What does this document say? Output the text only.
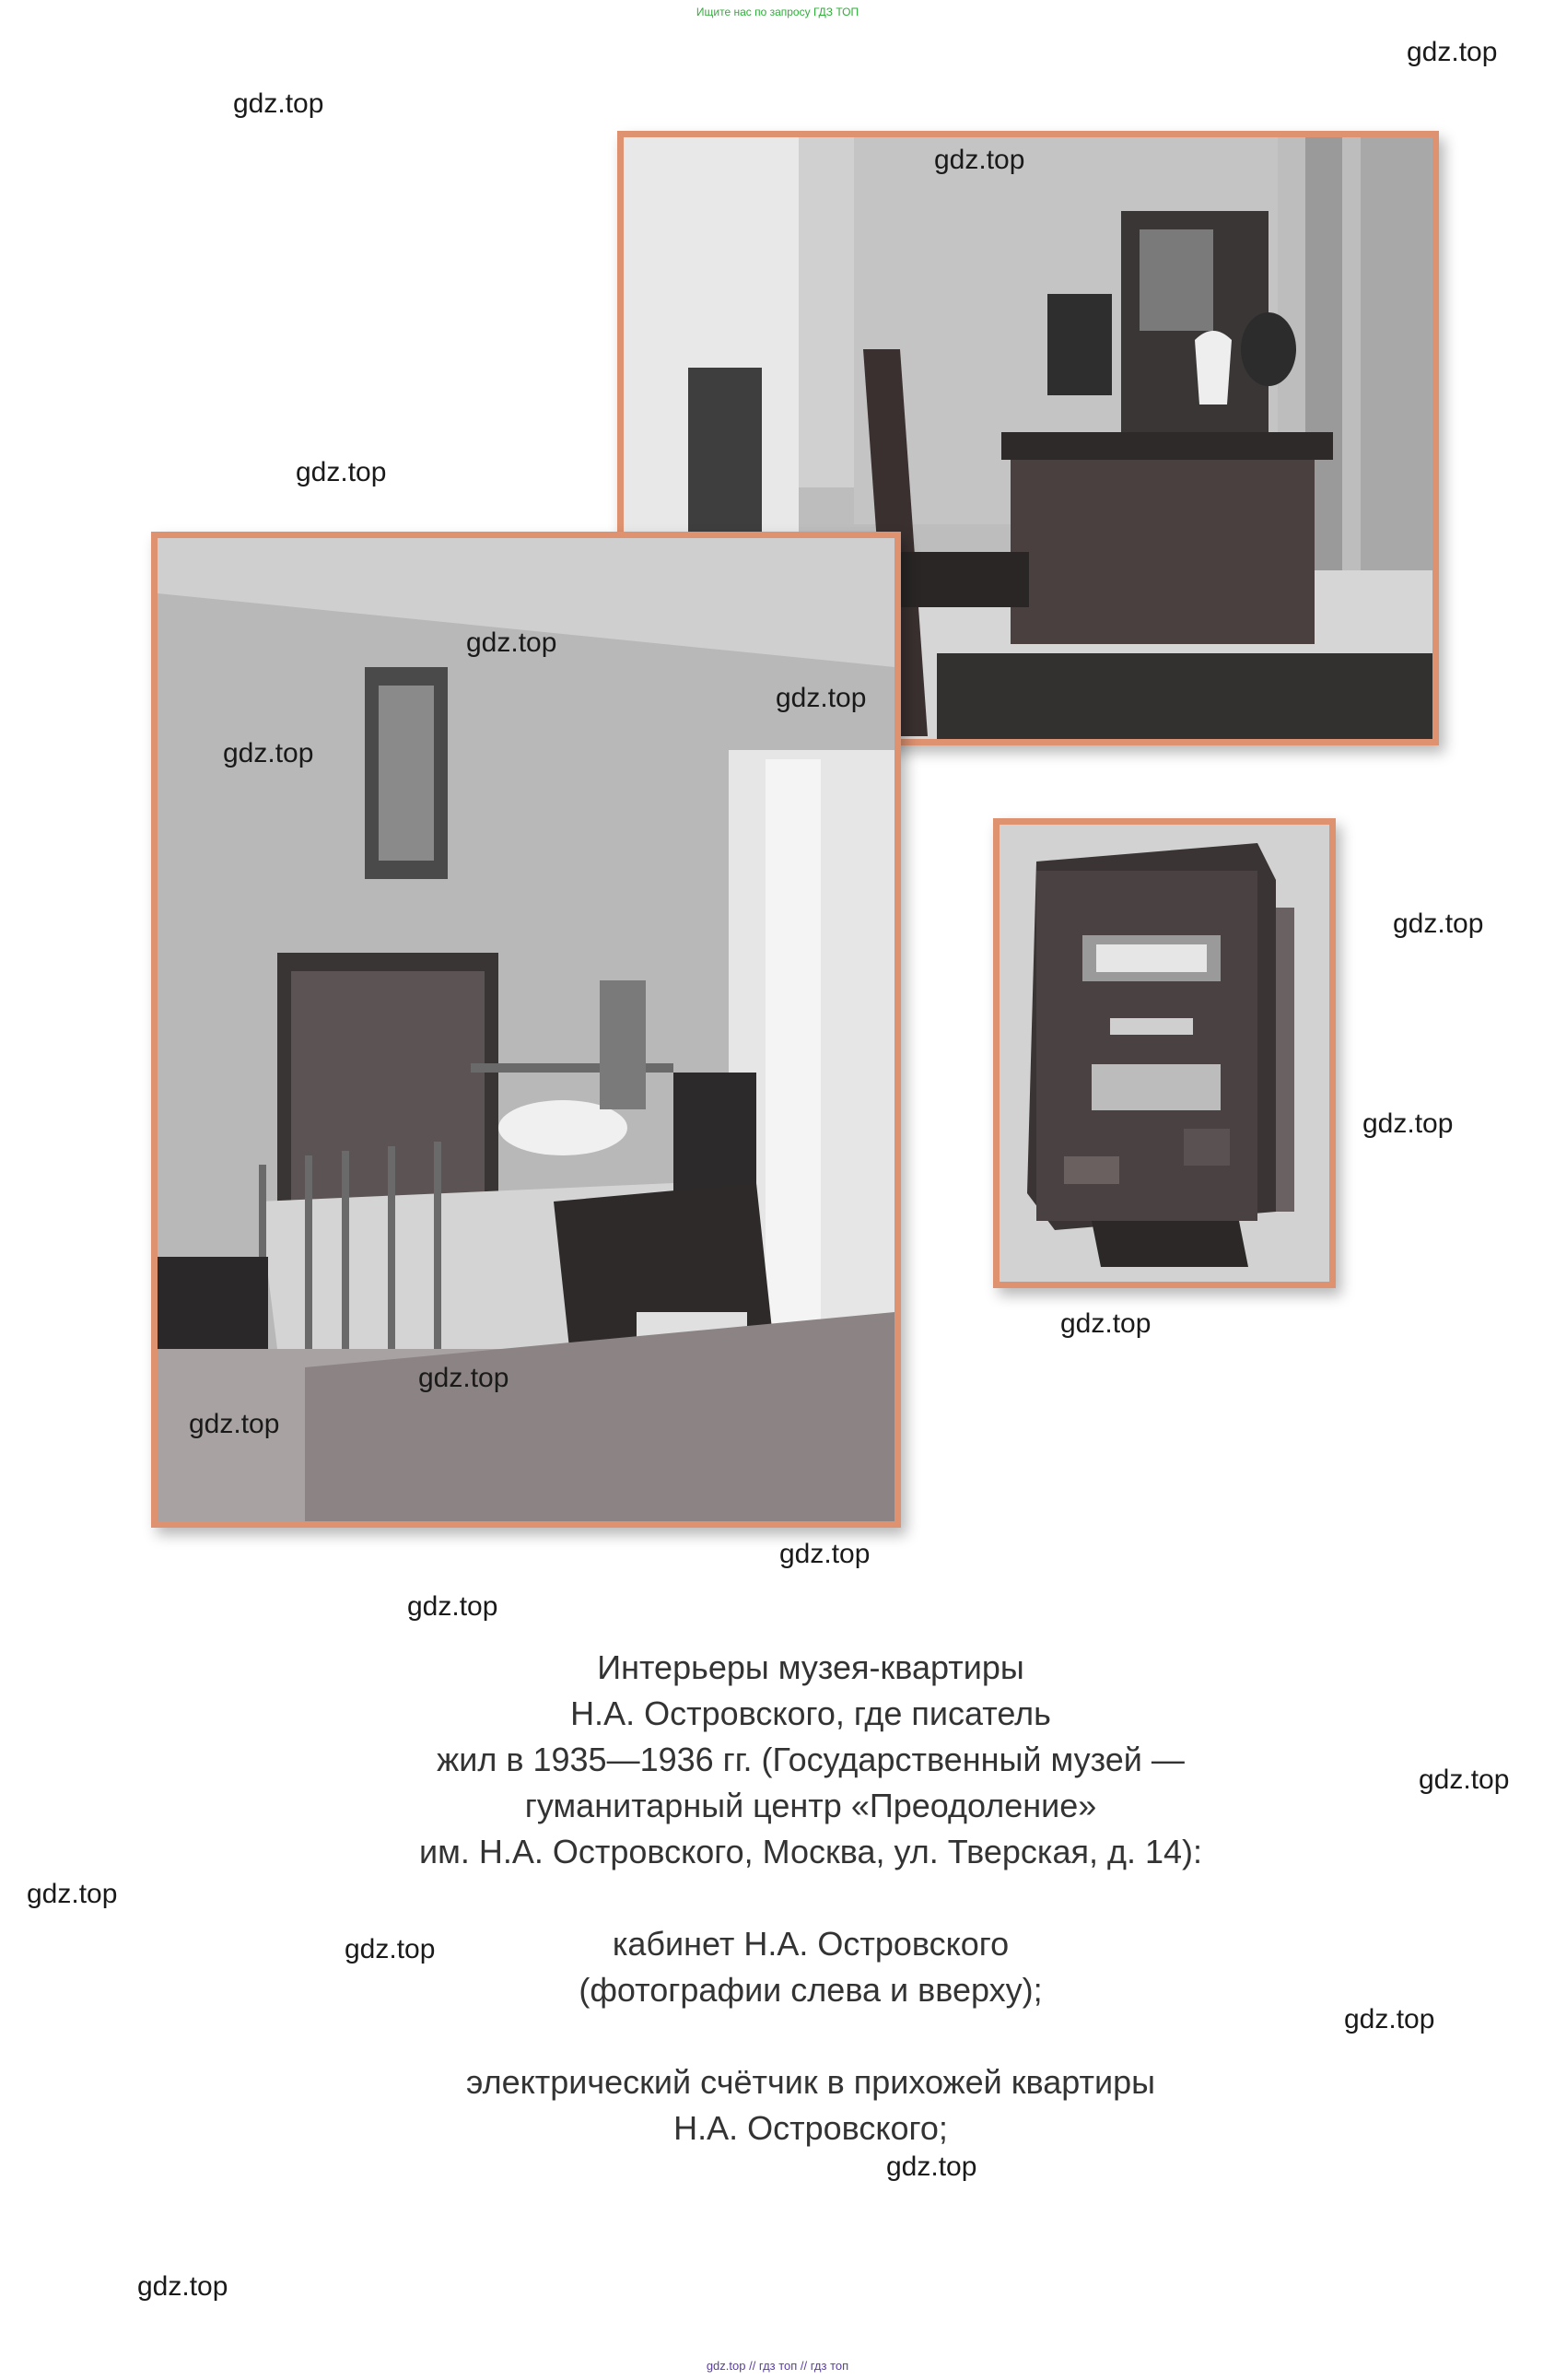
Ищите нас по запросу ГДЗ ТОП
Интерьеры музея-квартиры
Н.А. Островского, где писатель
жил в 1935—1936 гг. (Государственный музей —
гуманитарный центр «Преодоление»
им. Н.А. Островского, Москва, ул. Тверская, д. 14):
кабинет Н.А. Островского
(фотографии слева и вверху);
электрический счётчик в прихожей квартиры
Н.А. Островского;
gdz.top
gdz.top
gdz.top
gdz.top
gdz.top
gdz.top
gdz.top
gdz.top
gdz.top
gdz.top
gdz.top
gdz.top
gdz.top
gdz.top
gdz.top
gdz.top
gdz.top
gdz.top
gdz.top
gdz.top
gdz.top // гдз топ // гдз топ
